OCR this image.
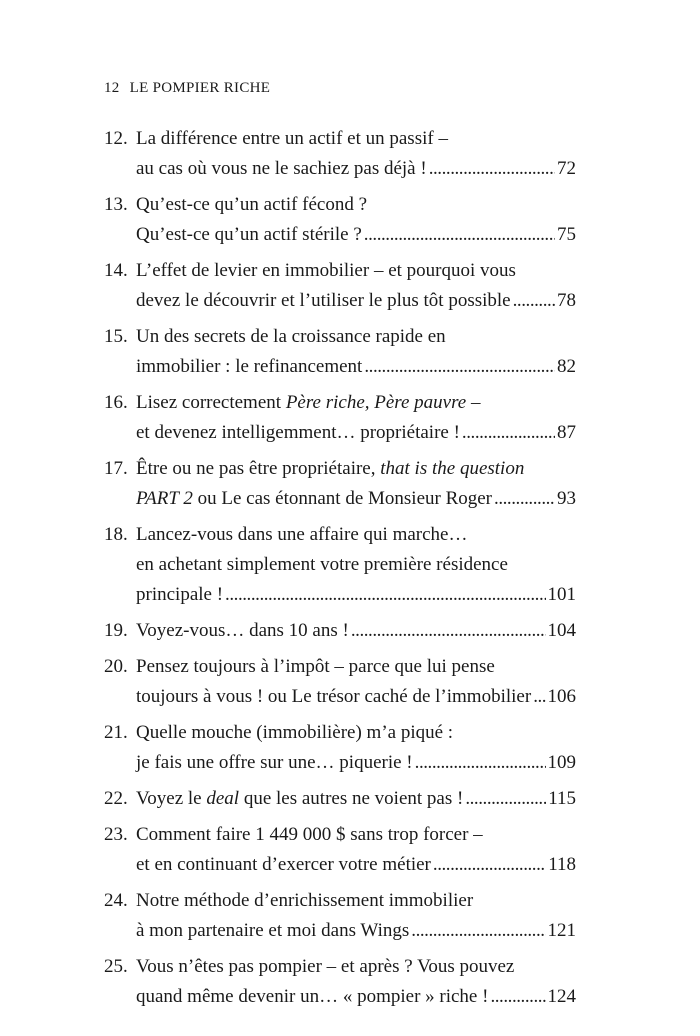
12 LE POMPIER RICHE
12. La différence entre un actif et un passif –
au cas où vous ne le sachiez pas déjà ! . . .	72
13. Qu’est-ce qu’un actif fécond ?
Qu’est-ce qu’un actif stérile ? . . .	75
14. L’effet de levier en immobilier – et pourquoi vous
devez le découvrir et l’utiliser le plus tôt possible . . . 78
15. Un des secrets de la croissance rapide en
immobilier : le refinancement . . .	82
16. Lisez correctement Père riche, Père pauvre –
et devenez intelligemment… propriétaire ! . . .	87
17. Être ou ne pas être propriétaire, that is the question
PART 2 ou Le cas étonnant de Monsieur Roger . . .	93
18. Lancez-vous dans une affaire qui marche…
en achetant simplement votre première résidence
principale ! . . .	101
19. Voyez-vous… dans 10 ans ! . . .	104
20. Pensez toujours à l’impôt – parce que lui pense
toujours à vous ! ou Le trésor caché de l’immobilier . . . 106
21. Quelle mouche (immobilière) m’a piqué :
je fais une offre sur une… piquerie ! . . .	109
22. Voyez le deal que les autres ne voient pas ! . . .	115
23. Comment faire 1 449 000 $ sans trop forcer –
et en continuant d’exercer votre métier . . .	118
24. Notre méthode d’enrichissement immobilier
à mon partenaire et moi dans Wings . . .	121
25. Vous n’êtes pas pompier – et après ? Vous pouvez
quand même devenir un… « pompier » riche ! . . .	124
